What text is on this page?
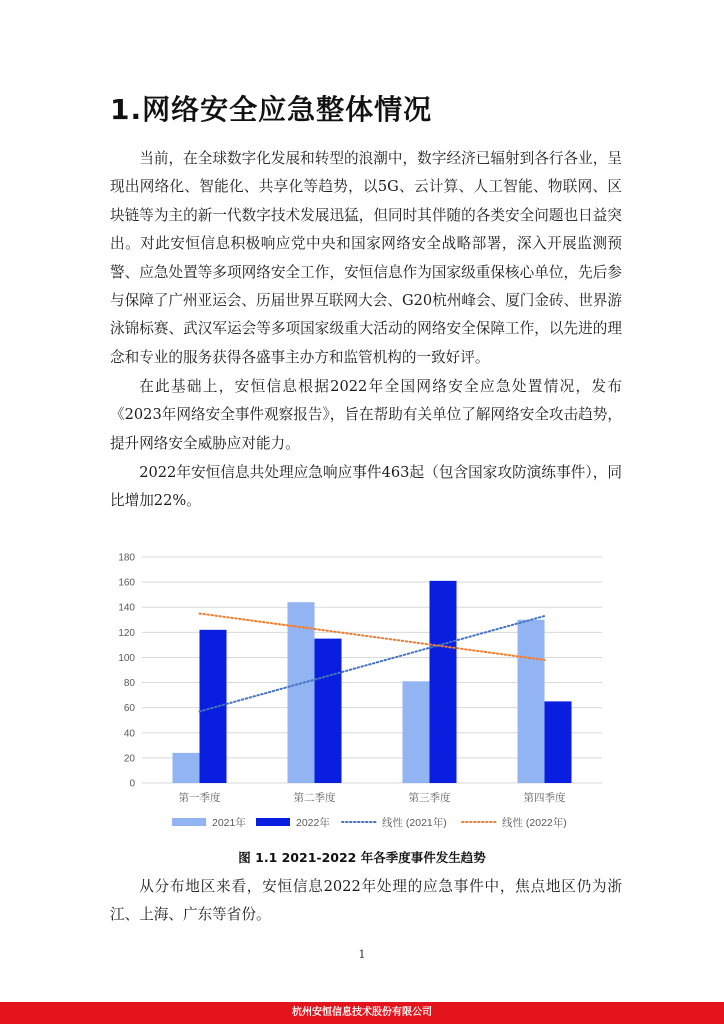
1.网络安全应急整体情况

当前，在全球数字化发展和转型的浪潮中，数字经济已辐射到各行各业，呈现出网络化、智能化、共享化等趋势，以5G、云计算、人工智能、物联网、区块链等为主的新一代数字技术发展迅猛，但同时其伴随的各类安全问题也日益突出。对此安恒信息积极响应党中央和国家网络安全战略部署，深入开展监测预警、应急处置等多项网络安全工作，安恒信息作为国家级重保核心单位，先后参与保障了广州亚运会、历届世界互联网大会、G20杭州峰会、厦门金砖、世界游泳锦标赛、武汉军运会等多项国家级重大活动的网络安全保障工作，以先进的理念和专业的服务获得各盛事主办方和监管机构的一致好评。

在此基础上，安恒信息根据2022年全国网络安全应急处置情况，发布《2023年网络安全事件观察报告》，旨在帮助有关单位了解网络安全攻击趋势，提升网络安全威胁应对能力。

2022年安恒信息共处理应急响应事件463起（包含国家攻防演练事件），同比增加22%。

0
20
40
60
80
100
120
140
160
180
第一季度	第二季度	第三季度	第四季度
2021年	2022年	线性 (2021年)	线性 (2022年)
图 1.1 2021-2022 年各季度事件发生趋势

从分布地区来看，安恒信息2022年处理的应急事件中，焦点地区仍为浙江、上海、广东等省份。

1
杭州安恒信息技术股份有限公司
